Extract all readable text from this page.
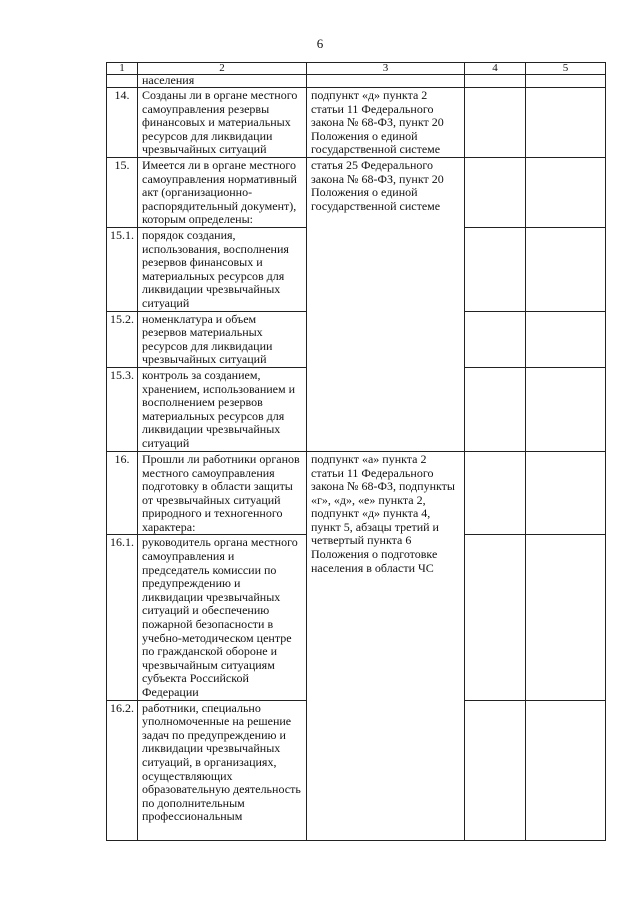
6
1	2	3	4	5
	населения			
14.	Созданы ли в органе местного самоуправления резервы финансовых и материальных ресурсов для ликвидации чрезвычайных ситуаций	подпункт «д» пункта 2 статьи 11 Федерального закона № 68-ФЗ, пункт 20 Положения о единой государственной системе		
15.	Имеется ли в органе местного самоуправления нормативный акт (организационно-распорядительный документ), которым определены:	статья 25 Федерального закона № 68-ФЗ, пункт 20 Положения о единой государственной системе		
15.1.	порядок создания, использования, восполнения резервов финансовых и материальных ресурсов для ликвидации чрезвычайных ситуаций			
15.2.	номенклатура и объем резервов материальных ресурсов для ликвидации чрезвычайных ситуаций			
15.3.	контроль за созданием, хранением, использованием и восполнением резервов материальных ресурсов для ликвидации чрезвычайных ситуаций			
16.	Прошли ли работники органов местного самоуправления подготовку в области защиты от чрезвычайных ситуаций природного и техногенного характера:	подпункт «а» пункта 2 статьи 11 Федерального закона № 68-ФЗ, подпункты «г», «д», «е» пункта 2, подпункт «д» пункта 4, пункт 5, абзацы третий и четвертый пункта 6 Положения о подготовке населения в области ЧС		
16.1.	руководитель органа местного самоуправления и председатель комиссии по предупреждению и ликвидации чрезвычайных ситуаций и обеспечению пожарной безопасности в учебно-методическом центре по гражданской обороне и чрезвычайным ситуациям субъекта Российской Федерации			
16.2.	работники, специально уполномоченные на решение задач по предупреждению и ликвидации чрезвычайных ситуаций, в организациях, осуществляющих образовательную деятельность по дополнительным профессиональным			
